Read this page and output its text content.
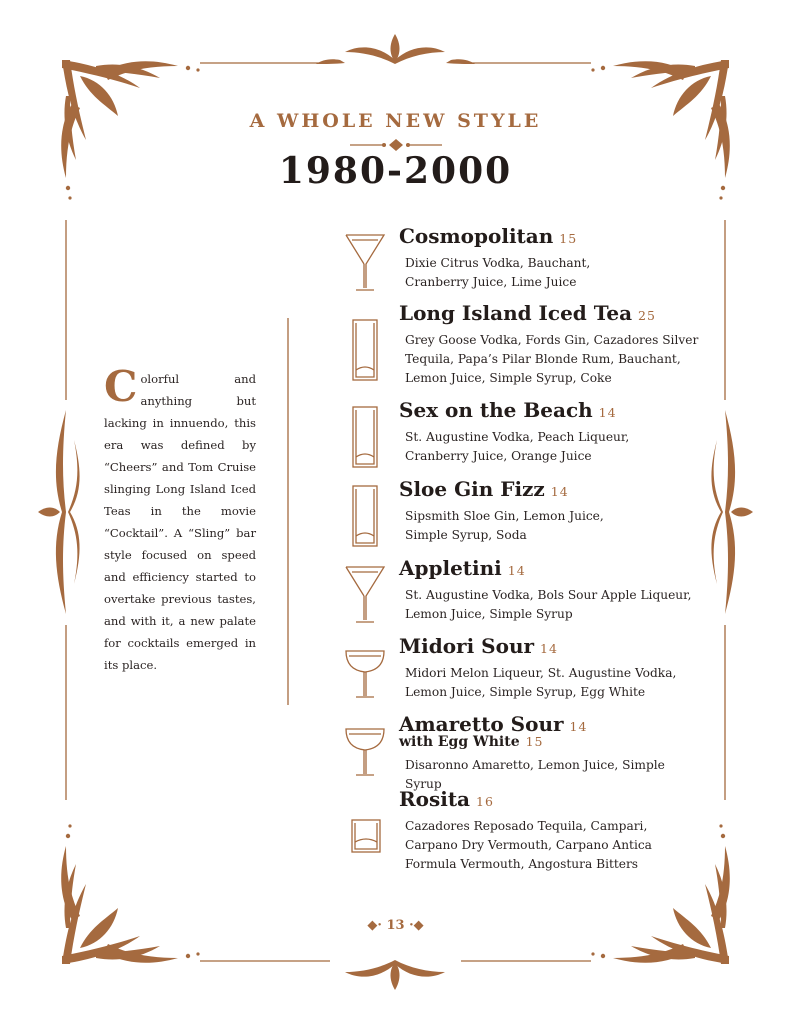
A WHOLE NEW STYLE
1980-2000
Colorful and anything but lacking in innuendo, this era was defined by “Cheers” and Tom Cruise slinging Long Island Iced Teas in the movie “Cocktail”. A “Sling” bar style focused on speed and efficiency started to overtake previous tastes, and with it, a new palate for cocktails emerged in its place.
Cosmopolitan 15
Dixie Citrus Vodka, Bauchant,
Cranberry Juice, Lime Juice
Long Island Iced Tea 25
Grey Goose Vodka, Fords Gin, Cazadores Silver
Tequila, Papa’s Pilar Blonde Rum, Bauchant,
Lemon Juice, Simple Syrup, Coke
Sex on the Beach 14
St. Augustine Vodka, Peach Liqueur,
Cranberry Juice, Orange Juice
Sloe Gin Fizz 14
Sipsmith Sloe Gin, Lemon Juice,
Simple Syrup, Soda
Appletini 14
St. Augustine Vodka, Bols Sour Apple Liqueur,
Lemon Juice, Simple Syrup
Midori Sour 14
Midori Melon Liqueur, St. Augustine Vodka,
Lemon Juice, Simple Syrup, Egg White
Amaretto Sour 14
with Egg White 15
Disaronno Amaretto, Lemon Juice, Simple Syrup
Rosita 16
Cazadores Reposado Tequila, Campari,
Carpano Dry Vermouth, Carpano Antica
Formula Vermouth, Angostura Bitters
◆· 13 ·◆
